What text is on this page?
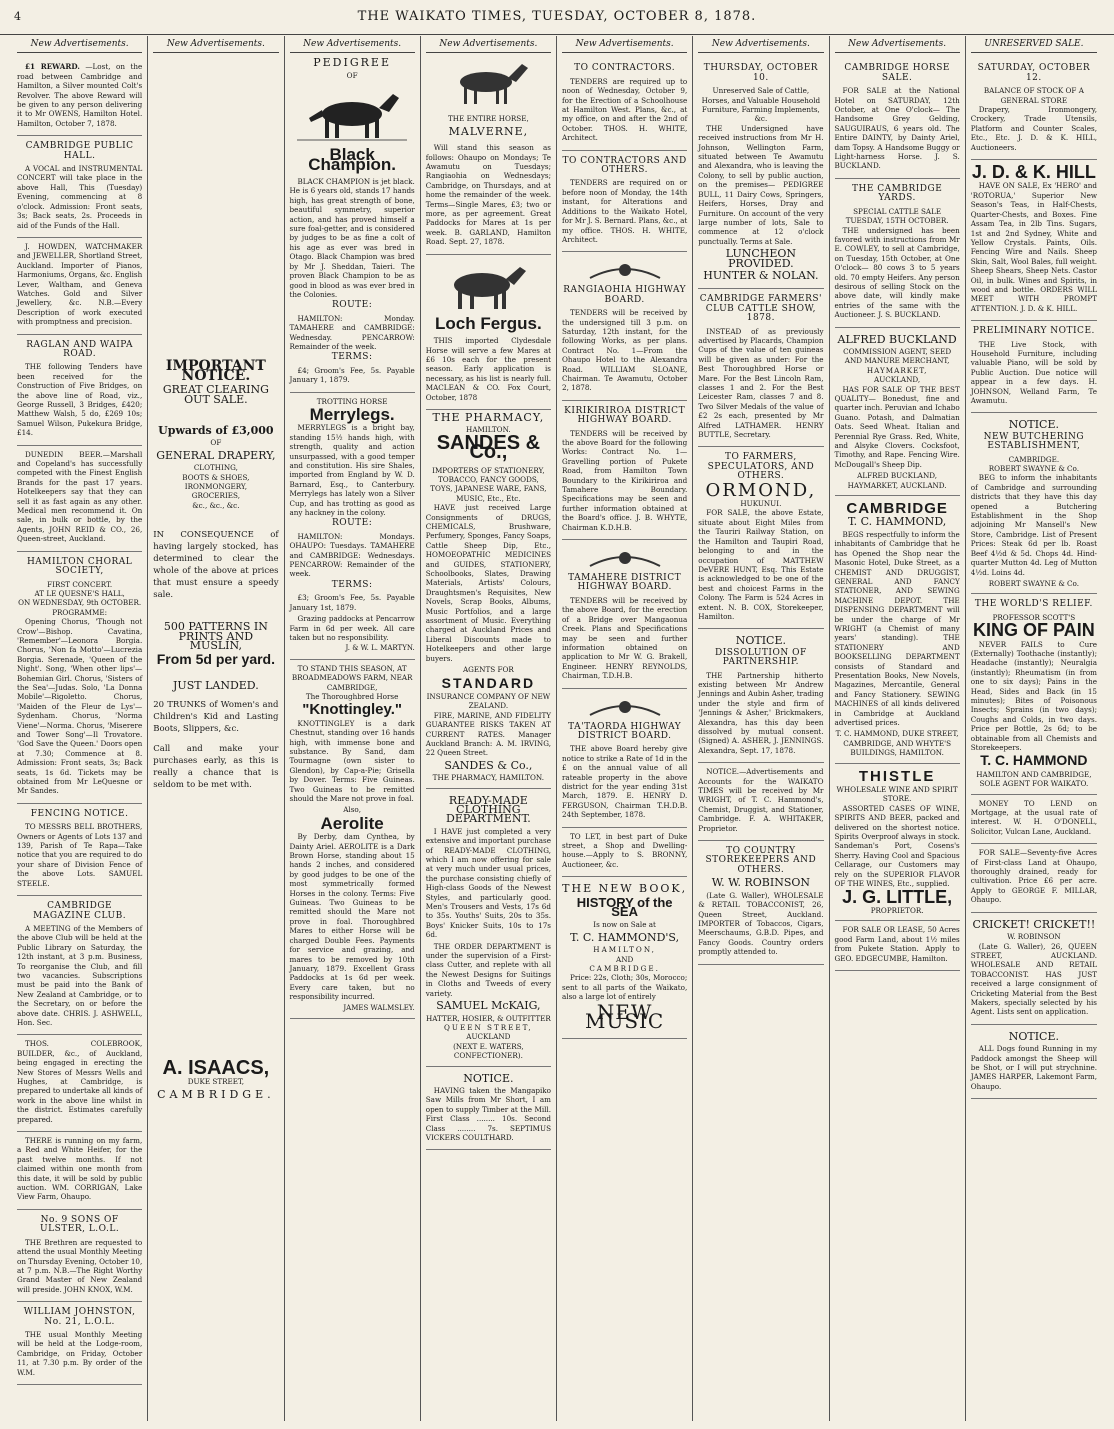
4	THE WAIKATO TIMES, TUESDAY, OCTOBER 8, 1878.
New Advertisements.

£1 REWARD. —Lost, on the road between Cambridge and Hamilton, a Silver mounted Colt's Revolver. The above Reward will be given to any person delivering it to Mr OWENS, Hamilton Hotel. Hamilton, October 7, 1878.

CAMBRIDGE PUBLIC HALL.

A VOCAL and INSTRUMENTAL CONCERT will take place in the above Hall, This (Tuesday) Evening, commencing at 8 o'clock. Admission: Front seats, 3s; Back seats, 2s. Proceeds in aid of the Funds of the Hall.

J. HOWDEN, WATCHMAKER and JEWELLER, Shortland Street, Auckland. Importer of Pianos, Harmoniums, Organs, &c. English Lever, Waltham, and Geneva Watches. Gold and Silver Jewellery, &c. N.B.—Every Description of work executed with promptness and precision.

RAGLAN AND WAIPA ROAD.

THE following Tenders have been received for the Construction of Five Bridges, on the above line of Road, viz., George Russell, 3 Bridges, £420; Matthew Walsh, 5 do, £269 10s; Samuel Wilson, Pukekura Bridge, £14.

DUNEDIN BEER.—Marshall and Copeland's has successfully competed with the Finest English Brands for the past 17 years. Hotelkeepers say that they can sell it as fast again as any other. Medical men recommend it. On sale, in bulk or bottle, by the Agents, JOHN REID & CO., 26, Queen-street, Auckland.

HAMILTON CHORAL SOCIETY,
FIRST CONCERT.
AT LE QUESNE'S HALL,
ON WEDNESDAY, 9th OCTOBER.
PROGRAMME:

Opening Chorus, 'Though not Crow'—Bishop. Cavatina, 'Remember'—Leonora Borgia. Chorus, 'Non fa Motto'—Lucrezia Borgia. Serenade, 'Queen of the Night'. Song, 'When other lips'—Bohemian Girl. Chorus, 'Sisters of the Sea'—Judas. Solo, 'La Donna Mobile'—Rigoletto. Chorus, 'Maiden of the Fleur de Lys'—Sydenham. Chorus, 'Norma Viene'—Norma. Chorus, 'Miserere and Tower Song'—Il Trovatore. 'God Save the Queen.' Doors open at 7.30; Commence at 8. Admission: Front seats, 3s; Back seats, 1s 6d. Tickets may be obtained from Mr LeQuesne or Mr Sandes.

FENCING NOTICE.

TO MESSRS BELL BROTHERS, Owners or Agents of Lots 137 and 139, Parish of Te Rapa—Take notice that you are required to do your share of Division Fence of the above Lots. SAMUEL STEELE.

CAMBRIDGE MAGAZINE CLUB.

A MEETING of the Members of the above Club will be held at the Public Library on Saturday, the 12th instant, at 3 p.m. Business, To reorganise the Club, and fill two vacancies. Subscriptions must be paid into the Bank of New Zealand at Cambridge, or to the Secretary, on or before the above date. CHRIS. J. ASHWELL, Hon. Sec.

THOS. COLEBROOK, BUILDER, &c., of Auckland, being engaged in erecting the New Stores of Messrs Wells and Hughes, at Cambridge, is prepared to undertake all kinds of work in the above line whilst in the district. Estimates carefully prepared.

THERE is running on my farm, a Red and White Heifer, for the past twelve months. If not claimed within one month from this date, it will be sold by public auction. WM. CORRIGAN, Lake View Farm, Ohaupo.

No. 9 SONS OF ULSTER, L.O.L.

THE Brethren are requested to attend the usual Monthly Meeting on Thursday Evening, October 10, at 7 p.m. N.B.—The Right Worthy Grand Master of New Zealand will preside. JOHN KNOX, W.M.

WILLIAM JOHNSTON, No. 21, L.O.L.

THE usual Monthly Meeting will be held at the Lodge-room, Cambridge, on Friday, October 11, at 7.30 p.m. By order of the W.M.

New Advertisements.
IMPORTANT NOTICE.
GREAT CLEARING OUT SALE.
Upwards of £3,000
OF
GENERAL DRAPERY,
CLOTHING,
BOOTS & SHOES,
IRONMONGERY,
GROCERIES,
&c., &c., &c.

IN CONSEQUENCE of having largely stocked, has determined to clear the whole of the above at prices that must ensure a speedy sale.

500 PATTERNS IN PRINTS AND MUSLIN,
From 5d per yard.
JUST LANDED.

20 TRUNKS of Women's and Children's Kid and Lasting Boots, Slippers, &c.

Call and make your purchases early, as this is really a chance that is seldom to be met with.

A. ISAACS,
DUKE STREET,
CAMBRIDGE.
New Advertisements.
PEDIGREE
OF
Black Champion.

BLACK CHAMPION is jet black. He is 6 years old, stands 17 hands high, has great strength of bone, beautiful symmetry, superior action, and has proved himself a sure foal-getter, and is considered by judges to be as fine a colt of his age as ever was bred in Otago. Black Champion was bred by Mr J. Sheddan, Taieri. The proven Black Champion to be as good in blood as was ever bred in the Colonies.

ROUTE:

HAMILTON: Monday. TAMAHERE and CAMBRIDGE: Wednesday. PENCARROW: Remainder of the week.

TERMS:

£4; Groom's Fee, 5s. Payable January 1, 1879.

TROTTING HORSE
Merrylegs.

MERRYLEGS is a bright bay, standing 15½ hands high, with strength, quality and action unsurpassed, with a good temper and constitution. His sire Shales, imported from England by W. D. Barnard, Esq., to Canterbury. Merrylegs has lately won a Silver Cup, and has trotting as good as any hackney in the colony.

ROUTE:

HAMILTON: Mondays. OHAUPO: Tuesdays. TAMAHERE and CAMBRIDGE: Wednesdays. PENCARROW: Remainder of the week.

TERMS:

£3; Groom's Fee, 5s. Payable January 1st, 1879.

Grazing paddocks at Pencarrow Farm in 6d per week. All care taken but no responsibility.

J. & W. L. MARTYN.
TO STAND THIS SEASON, AT BROADMEADOWS FARM, NEAR CAMBRIDGE,
The Thoroughbred Horse
"Knottingley."

KNOTTINGLEY is a dark Chestnut, standing over 16 hands high, with immense bone and substance. By Sand, dam Tourmagne (own sister to Glendon), by Cap-a-Pie; Grisella by Dover. Terms: Five Guineas. Two Guineas to be remitted should the Mare not prove in foal.

Also,
Aerolite

By Derby, dam Cynthea, by Dainty Ariel. AEROLITE is a Dark Brown Horse, standing about 15 hands 2 inches, and considered by good judges to be one of the most symmetrically formed Horses in the colony. Terms: Five Guineas. Two Guineas to be remitted should the Mare not prove in foal. Thoroughbred Mares to either Horse will be charged Double Fees. Payments for service and grazing, and mares to be removed by 10th January, 1879. Excellent Grass Paddocks at 1s 6d per week. Every care taken, but no responsibility incurred.

JAMES WALMSLEY.
New Advertisements.
THE ENTIRE HORSE,
MALVERNE,

Will stand this season as follows: Ohaupo on Mondays; Te Awamutu on Tuesdays; Rangiaohia on Wednesdays; Cambridge, on Thursdays, and at home the remainder of the week. Terms—Single Mares, £3; two or more, as per agreement. Great Paddocks for Mares at 1s per week. B. GARLAND, Hamilton Road. Sept. 27, 1878.

Loch Fergus.

THIS imported Clydesdale Horse will serve a few Mares at £6 10s each for the present season. Early application is necessary, as his list is nearly full. MACLEAN & CO. Fox Court, October, 1878

THE PHARMACY,
HAMILTON.
SANDES & Co.,
IMPORTERS OF STATIONERY, TOBACCO, FANCY GOODS, TOYS, JAPANESE WARE, FANS, MUSIC, Etc., Etc.

HAVE just received Large Consignments of DRUGS, CHEMICALS, Brushware, Perfumery, Sponges, Fancy Soaps, Cattle Sheep Dip, Etc., HOMOEOPATHIC MEDICINES and GUIDES, STATIONERY, Schoolbooks, Slates, Drawing Materials, Artists' Colours, Draughtsmen's Requisites, New Novels, Scrap Books, Albums, Music Portfolios, and a large assortment of Music. Everything charged at Auckland Prices and Liberal Discounts made to Hotelkeepers and other large buyers.

AGENTS FOR
STANDARD
INSURANCE COMPANY OF NEW ZEALAND.

FIRE, MARINE, AND FIDELITY GUARANTEE RISKS TAKEN AT CURRENT RATES. Manager Auckland Branch: A. M. IRVING, 22 Queen Street.

SANDES & Co.,
THE PHARMACY, HAMILTON.
READY-MADE CLOTHING DEPARTMENT.

I HAVE just completed a very extensive and important purchase of READY-MADE CLOTHING, which I am now offering for sale at very much under usual prices, the purchase consisting chiefly of High-class Goods of the Newest Styles, and particularly good. Men's Trousers and Vests, 17s 6d to 35s. Youths' Suits, 20s to 35s. Boys' Knicker Suits, 10s to 17s 6d.

THE ORDER DEPARTMENT is under the supervision of a First-class Cutter, and replete with all the Newest Designs for Suitings in Cloths and Tweeds of every variety.

SAMUEL McKAIG,
HATTER, HOSIER, & OUTFITTER
QUEEN STREET,
AUCKLAND
(NEXT E. WATERS, CONFECTIONER).
NOTICE.

HAVING taken the Mangapiko Saw Mills from Mr Short, I am open to supply Timber at the Mill. First Class ........ 10s. Second Class ........ 7s. SEPTIMUS VICKERS COULTHARD.

New Advertisements.
TO CONTRACTORS.

TENDERS are required up to noon of Wednesday, October 9, for the Erection of a Schoolhouse at Hamilton West. Plans, &c., at my office, on and after the 2nd of October. THOS. H. WHITE, Architect.

TO CONTRACTORS AND OTHERS.

TENDERS are required on or before noon of Monday, the 14th instant, for Alterations and Additions to the Waikato Hotel, for Mr J. S. Bernard. Plans, &c., at my office. THOS. H. WHITE, Architect.

RANGIAOHIA HIGHWAY BOARD.

TENDERS will be received by the undersigned till 3 p.m. on Saturday, 12th instant, for the following Works, as per plans. Contract No. 1—From the Ohaupo Hotel to the Alexandra Road. WILLIAM SLOANE, Chairman. Te Awamutu, October 2, 1878.

KIRIKIRIROA DISTRICT HIGHWAY BOARD.

TENDERS will be received by the above Board for the following Works: Contract No. 1—Gravelling portion of Pukete Road, from Hamilton Town Boundary to the Kirikiriroa and Tamahere Boundary. Specifications may be seen and further information obtained at the Board's office. J. B. WHYTE, Chairman K.D.H.B.

TAMAHERE DISTRICT HIGHWAY BOARD.

TENDERS will be received by the above Board, for the erection of a Bridge over Mangaonua Creek. Plans and Specifications may be seen and further information obtained on application to Mr W. G. Brakell, Engineer. HENRY REYNOLDS, Chairman, T.D.H.B.

TA'TAORDA HIGHWAY DISTRICT BOARD.

THE above Board hereby give notice to strike a Rate of 1d in the £ on the annual value of all rateable property in the above district for the year ending 31st March, 1879. E. HENRY D. FERGUSON, Chairman T.H.D.B. 24th September, 1878.

TO LET, in best part of Duke street, a Shop and Dwelling-house.—Apply to S. BRONNY, Auctioneer, &c.

THE NEW BOOK,
HISTORY of the SEA
Is now on Sale at
T. C. HAMMOND'S,
HAMILTON,
AND
CAMBRIDGE.

Price: 22s, Cloth; 30s, Morocco; sent to all parts of the Waikato, also a large lot of entirely

NEW MUSIC
New Advertisements.
THURSDAY, OCTOBER 10.
Unreserved Sale of Cattle, Horses, and Valuable Household Furniture, Farming Implements, &c.

THE Undersigned have received instructions from Mr H. Johnson, Wellington Farm, situated between Te Awamutu and Alexandra, who is leaving the Colony, to sell by public auction, on the premises— PEDIGREE BULL, 11 Dairy Cows, Springers, Heifers, Horses, Dray and Furniture. On account of the very large number of lots, Sale to commence at 12 o'clock punctually. Terms at Sale.

LUNCHEON PROVIDED.
HUNTER & NOLAN.
CAMBRIDGE FARMERS' CLUB CATTLE SHOW, 1878.

INSTEAD of as previously advertised by Placards, Champion Cups of the value of ten guineas will be given as under: For the Best Thoroughbred Horse or Mare. For the Best Lincoln Ram, classes 1 and 2. For the Best Leicester Ram, classes 7 and 8. Two Silver Medals of the value of £2 2s each, presented by Mr Alfred LATHAMER. HENRY BUTTLE, Secretary.

TO FARMERS, SPECULATORS, AND OTHERS.
ORMOND,
HUKUNUI.

FOR SALE, the above Estate, situate about Eight Miles from the Tauriri Railway Station, on the Hamilton and Taupiri Road, belonging to and in the occupation of MATTHEW DeVERE HUNT, Esq. This Estate is acknowledged to be one of the best and choicest Farms in the Colony. The Farm is 524 Acres in extent. N. B. COX, Storekeeper, Hamilton.

NOTICE.
DISSOLUTION OF PARTNERSHIP.

THE Partnership hitherto existing between Mr Andrew Jennings and Aubin Asher, trading under the style and firm of 'Jennings & Asher,' Brickmakers, Alexandra, has this day been dissolved by mutual consent. (Signed) A. ASHER, J. JENNINGS. Alexandra, Sept. 17, 1878.

NOTICE.—Advertisements and Accounts for the WAIKATO TIMES will be received by Mr WRIGHT, of T. C. Hammond's, Chemist, Druggist, and Stationer, Cambridge. F. A. WHITAKER, Proprietor.

TO COUNTRY STOREKEEPERS AND OTHERS.
W. W. ROBINSON

(Late G. Waller), WHOLESALE & RETAIL TOBACCONIST, 26, Queen Street, Auckland. IMPORTER of Tobaccos, Cigars, Meerschaums, G.B.D. Pipes, and Fancy Goods. Country orders promptly attended to.

New Advertisements.
CAMBRIDGE HORSE SALE.

FOR SALE at the National Hotel on SATURDAY, 12th October, at One O'clock— The Handsome Grey Gelding, SAUGUIRAUS, 6 years old. The Entire DAINTY, by Dainty Ariel, dam Topsy. A Handsome Buggy or Light-harness Horse. J. S. BUCKLAND.

THE CAMBRIDGE YARDS.
SPECIAL CATTLE SALE
TUESDAY, 15TH OCTOBER.

THE undersigned has been favored with instructions from Mr E. COWLEY, to sell at Cambridge, on Tuesday, 15th October, at One O'clock— 80 cows 3 to 5 years old. 70 empty Heifers. Any person desirous of selling Stock on the above date, will kindly make entries of the same with the Auctioneer. J. S. BUCKLAND.

ALFRED BUCKLAND
COMMISSION AGENT, SEED AND MANURE MERCHANT,
HAYMARKET,
AUCKLAND,

HAS FOR SALE OF THE BEST QUALITY— Bonedust, fine and quarter inch. Peruvian and Ichabo Guano. Potash, and Dalmatian Oats. Seed Wheat. Italian and Perennial Rye Grass. Red, White, and Alsyke Clovers. Cocksfoot, Timothy, and Rape. Fencing Wire. McDougall's Sheep Dip.

ALFRED BUCKLAND, HAYMARKET, AUCKLAND.
CAMBRIDGE
T. C. HAMMOND,

BEGS respectfully to inform the inhabitants of Cambridge that he has Opened the Shop near the Masonic Hotel, Duke Street, as a CHEMIST AND DRUGGIST, GENERAL AND FANCY STATIONER, AND SEWING MACHINE DEPOT. THE DISPENSING DEPARTMENT will be under the charge of Mr WRIGHT (a Chemist of many years' standing). THE STATIONERY AND BOOKSELLING DEPARTMENT consists of Standard and Presentation Books, New Novels, Magazines, Mercantile, General and Fancy Stationery. SEWING MACHINES of all kinds delivered in Cambridge at Auckland advertised prices.

T. C. HAMMOND, DUKE STREET, CAMBRIDGE, AND WHYTE'S BUILDINGS, HAMILTON.
THISTLE
WHOLESALE WINE AND SPIRIT STORE.

ASSORTED CASES OF WINE, SPIRITS AND BEER, packed and delivered on the shortest notice. Spirits Overproof always in stock. Sandeman's Port, Cosens's Sherry. Having Cool and Spacious Cellarage, our Customers may rely on the SUPERIOR FLAVOR OF THE WINES, Etc., supplied.

J. G. LITTLE,
PROPRIETOR.

FOR SALE OR LEASE, 50 Acres good Farm Land, about 1½ miles from Pukete Station. Apply to GEO. EDGECUMBE, Hamilton.

UNRESERVED SALE.
SATURDAY, OCTOBER 12.
BALANCE OF STOCK OF A GENERAL STORE

Drapery, Ironmongery, Crockery, Trade Utensils, Platform and Counter Scales, Etc., Etc. J. D. & K. HILL, Auctioneers.

J. D. & K. HILL

HAVE ON SALE, Ex 'HERO' and 'ROTORUA,' Superior New Season's Teas, in Half-Chests, Quarter-Chests, and Boxes. Fine Assam Tea, in 2lb Tins. Sugars, 1st and 2nd Sydney, White and Yellow Crystals. Paints, Oils. Fencing Wire and Nails. Sheep Skin, Salt, Wool Bales, full weight. Sheep Shears, Sheep Nets. Castor Oil, in bulk. Wines and Spirits, in wood and bottle. ORDERS WILL MEET WITH PROMPT ATTENTION. J. D. & K. HILL.

PRELIMINARY NOTICE.

THE Live Stock, with Household Furniture, including valuable Piano, will be sold by Public Auction. Due notice will appear in a few days. H. JOHNSON, Welland Farm, Te Awamutu.

NOTICE.
NEW BUTCHERING ESTABLISHMENT,
CAMBRIDGE.
ROBERT SWAYNE & Co.

BEG to inform the inhabitants of Cambridge and surrounding districts that they have this day opened a Butchering Establishment in the Shop adjoining Mr Mansell's New Store, Cambridge. List of Present Prices: Steak 6d per lb. Roast Beef 4½d & 5d. Chops 4d. Hind-quarter Mutton 4d. Leg of Mutton 4½d. Loins 4d.

ROBERT SWAYNE & Co.
THE WORLD'S RELIEF.
PROFESSOR SCOTT'S
KING OF PAIN

NEVER FAILS to Cure (Externally) Toothache (instantly); Headache (instantly); Neuralgia (instantly); Rheumatism (in from one to six days); Pains in the Head, Sides and Back (in 15 minutes); Bites of Poisonous Insects; Sprains (in two days); Coughs and Colds, in two days. Price per Bottle, 2s 6d; to be obtainable from all Chemists and Storekeepers.

T. C. HAMMOND
HAMILTON AND CAMBRIDGE, SOLE AGENT FOR WAIKATO.

MONEY TO LEND on Mortgage, at the usual rate of interest. W. H. O'DONELL, Solicitor, Vulcan Lane, Auckland.

FOR SALE—Seventy-five Acres of First-class Land at Ohaupo, thoroughly drained, ready for cultivation. Price £6 per acre. Apply to GEORGE F. MILLAR, Ohaupo.

CRICKET! CRICKET!!
W. ROBINSON

(Late G. Waller), 26, QUEEN STREET, AUCKLAND. WHOLESALE AND RETAIL TOBACCONIST. HAS JUST received a large consignment of Cricketing Material from the Best Makers, specially selected by his Agent. Lists sent on application.

NOTICE.

ALL Dogs found Running in my Paddock amongst the Sheep will be Shot, or I will put strychnine. JAMES HARPER, Lakemont Farm, Ohaupo.
